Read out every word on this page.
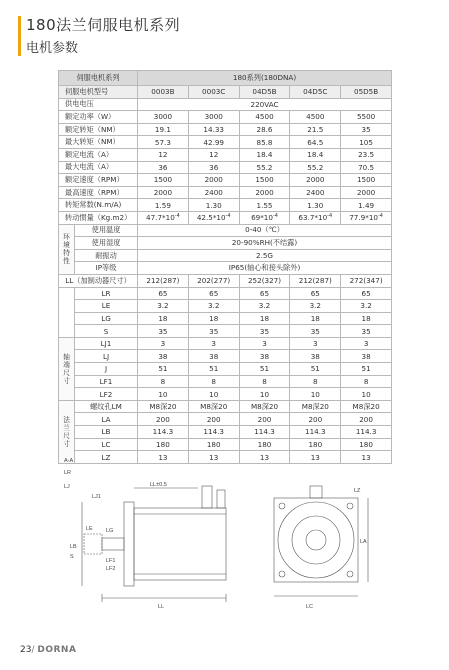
180法兰伺服电机系列
电机参数
伺服电机系列		180系列(180DNA)				
伺服电机型号		0003B	0003C	04D5B	04D5C	05D5B
供电电压		220VAC				
额定功率（W）		3000	3000	4500	4500	5500
额定转矩（NM）		19.1	14.33	28.6	21.5	35
最大转矩（NM）		57.3	42.99	85.8	64.5	105
额定电流（A）		12	12	18.4	18.4	23.5
最大电流（A）		36	36	55.2	55.2	70.5
额定速度（RPM）		1500	2000	1500	2000	1500
最高速度（RPM）		2000	2400	2000	2400	2000
转矩常数(N.m/A)		1.59	1.30	1.55	1.30	1.49
转动惯量（Kg.m2）		$47.7*10^{-4}$	$42.5*10^{-4}$	$69*10^{-4}$	$63.7*10^{-4}$	$77.9*10^{-4}$
环
境
特
性	使用温度	0-40（℃）				
	使用湿度	20-90%RH(不结露)				
	耐振动	2.5G				
	IP等级	IP65(轴心和接头除外)				
LL（加制动器尺寸）		212(287)	202(277)	252(327)	212(287)	272(347)
	LR	65	65	65	65	65
	LE	3.2	3.2	3.2	3.2	3.2
	LG	18	18	18	18	18
	S	35	35	35	35	35
轴
端
尺
寸	LJ1	3	3	3	3	3
	LJ	38	38	38	38	38
	J	51	51	51	51	51
	LF1	8	8	8	8	8
	LF2	10	10	10	10	10
法
兰
尺
寸	螺纹孔LM	M8深20	M8深20	M8深20	M8深20	M8深20
	LA	200	200	200	200	200
	LB	114.3	114.3	114.3	114.3	114.3
	LC	180	180	180	180	180
	LZ	13	13	13	13	13
LR
LJ
LE LG
LJ1
LF1
LF2
LL
LA
LC
LZ
LB
S
A-A
LL±0.5
23/ DORNA
